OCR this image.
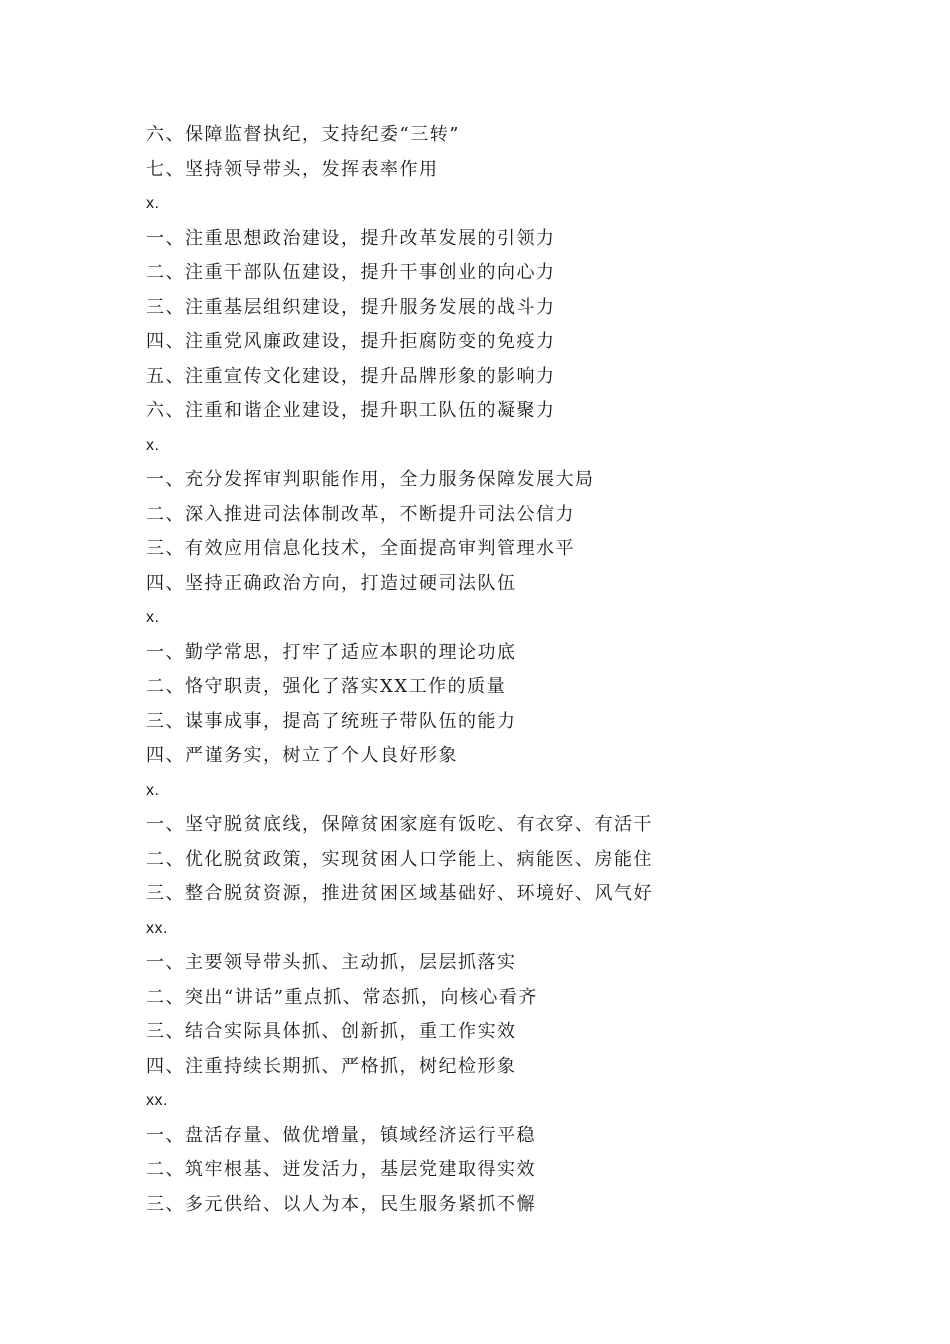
六、保障监督执纪，支持纪委“三转”
七、坚持领导带头，发挥表率作用
x.
一、注重思想政治建设，提升改革发展的引领力
二、注重干部队伍建设，提升干事创业的向心力
三、注重基层组织建设，提升服务发展的战斗力
四、注重党风廉政建设，提升拒腐防变的免疫力
五、注重宣传文化建设，提升品牌形象的影响力
六、注重和谐企业建设，提升职工队伍的凝聚力
x.
一、充分发挥审判职能作用，全力服务保障发展大局
二、深入推进司法体制改革，不断提升司法公信力
三、有效应用信息化技术，全面提高审判管理水平
四、坚持正确政治方向，打造过硬司法队伍
x.
一、勤学常思，打牢了适应本职的理论功底
二、恪守职责，强化了落实XX工作的质量
三、谋事成事，提高了统班子带队伍的能力
四、严谨务实，树立了个人良好形象
x.
一、坚守脱贫底线，保障贫困家庭有饭吃、有衣穿、有活干
二、优化脱贫政策，实现贫困人口学能上、病能医、房能住
三、整合脱贫资源，推进贫困区域基础好、环境好、风气好
xx.
一、主要领导带头抓、主动抓，层层抓落实
二、突出“讲话”重点抓、常态抓，向核心看齐
三、结合实际具体抓、创新抓，重工作实效
四、注重持续长期抓、严格抓，树纪检形象
xx.
一、盘活存量、做优增量，镇域经济运行平稳
二、筑牢根基、迸发活力，基层党建取得实效
三、多元供给、以人为本，民生服务紧抓不懈
